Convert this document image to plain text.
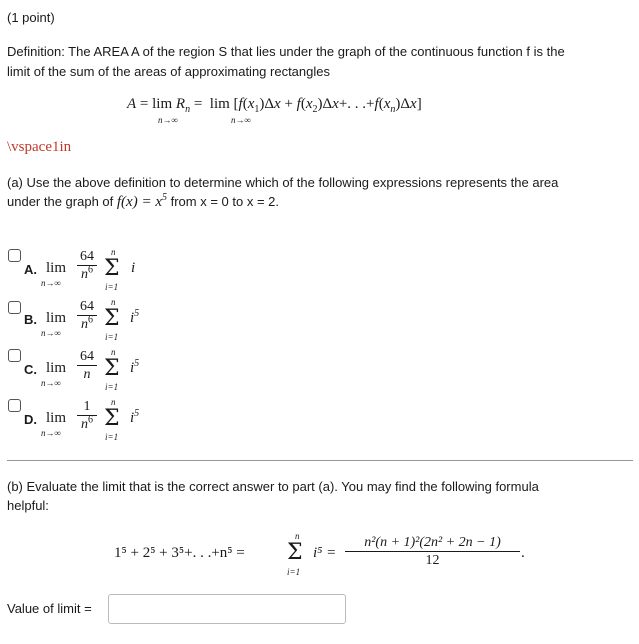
(1 point)
Definition: The AREA A of the region S that lies under the graph of the continuous function f is the
limit of the sum of the areas of approximating rectangles
$A = \lim R_n = \lim [f(x_1)\Delta x + f(x_2)\Delta x+$. . $.+f(x_n)\Delta x$]
n→∞	n→∞
\vspace1in
(a) Use the above definition to determine which of the following expressions represents the area
under the graph of $f(x) = x^5$ from x = 0 to x = 2.
A. lim
n→∞
64
$n^6$
n
Σ
i=1
i
B. lim
n→∞
64
$n^6$
n
Σ
i=1
$i^5$
C. lim
n→∞
64
n
n
Σ
i=1
$i^5$
D. lim
n→∞
1
$n^6$
n
Σ
i=1
$i^5$
(b) Evaluate the limit that is the correct answer to part (a). You may find the following formula
helpful:
1⁵ + 2⁵ + 3⁵+. . .+n⁵ =
n
Σ
i=1
i⁵ =
n²(n + 1)²(2n² + 2n − 1)
12	.
Value of limit =
